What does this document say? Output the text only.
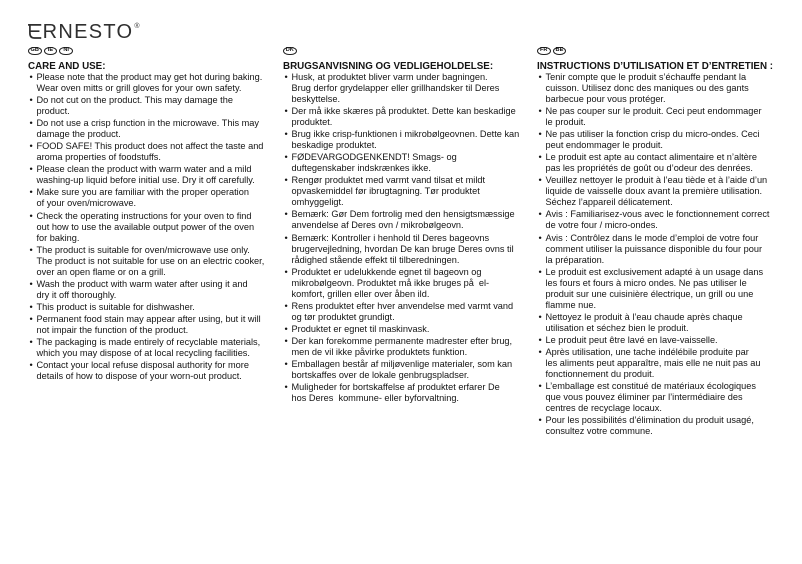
ERNESTO®
GB	IE	NI
CARE AND USE:
• Please note that the product may get hot during baking.
Wear oven mitts or grill gloves for your own safety.
• Do not cut on the product. This may damage the
product.
• Do not use a crisp function in the microwave. This may
damage the product.
• FOOD SAFE! This product does not affect the taste and
aroma properties of foodstuffs.
• Please clean the product with warm water and a mild
washing-up liquid before initial use. Dry it off carefully.
• Make sure you are familiar with the proper operation
of your oven/microwave.
• Check the operating instructions for your oven to find
out how to use the available output power of the oven
for baking.
• The product is suitable for oven/microwave use only.
The product is not suitable for use on an electric cooker,
over an open flame or on a grill.
• Wash the product with warm water after using it and
dry it off thoroughly.
• This product is suitable for dishwasher.
• Permanent food stain may appear after using, but it will
not impair the function of the product.
• The packaging is made entirely of recyclable materials,
which you may dispose of at local recycling facilities.
• Contact your local refuse disposal authority for more
details of how to dispose of your worn-out product.
DK
BRUGSANVISNING OG VEDLIGEHOLDELSE:
• Husk, at produktet bliver varm under bagningen.
Brug derfor grydelapper eller grillhandsker til Deres
beskyttelse.
• Der må ikke skæres på produktet. Dette kan beskadige
produktet.
• Brug ikke crisp-funktionen i mikrobølgeovnen. Dette kan
beskadige produktet.
• FØDEVARGODGENKENDT! Smags- og
duftegenskaber indskrænkes ikke.
• Rengør produktet med varmt vand tilsat et mildt
opvaskemiddel før ibrugtagning. Tør produktet
omhyggeligt.
• Bemærk: Gør Dem fortrolig med den hensigtsmæssige
anvendelse af Deres ovn / mikrobølgeovn.
• Bemærk: Kontroller i henhold til Deres bageovns
brugervejledning, hvordan De kan bruge Deres ovns til
rådighed stående effekt til tilberedningen.
• Produktet er udelukkende egnet til bageovn og
mikrobølgeovn. Produktet må ikke bruges på  el-
komfort, grillen eller over åben ild.
• Rens produktet efter hver anvendelse med varmt vand
og tør produktet grundigt.
• Produktet er egnet til maskinvask.
• Der kan forekomme permanente madrester efter brug,
men de vil ikke påvirke produktets funktion.
• Emballagen består af miljøvenlige materialer, som kan
bortskaffes over de lokale genbrugspladser.
• Muligheder for bortskaffelse af produktet erfarer De
hos Deres  kommune- eller byforvaltning.
FR	BE
INSTRUCTIONS D’UTILISATION ET D’ENTRETIEN :
• Tenir compte que le produit s’échauffe pendant la
cuisson. Utilisez donc des maniques ou des gants
barbecue pour vous protéger.
• Ne pas couper sur le produit. Ceci peut endommager
le produit.
• Ne pas utiliser la fonction crisp du micro-ondes. Ceci
peut endommager le produit.
• Le produit est apte au contact alimentaire et n’altère
pas les propriétés de goût ou d’odeur des denrées.
• Veuillez nettoyer le produit à l’eau tiède et à l’aide d’un
liquide de vaisselle doux avant la première utilisation.
Séchez l’appareil délicatement.
• Avis : Familiarisez-vous avec le fonctionnement correct
de votre four / micro-ondes.
• Avis : Contrôlez dans le mode d’emploi de votre four
comment utiliser la puissance disponible du four pour
la préparation.
• Le produit est exclusivement adapté à un usage dans
les fours et fours à micro ondes. Ne pas utiliser le
produit sur une cuisinière électrique, un grill ou une
flamme nue.
• Nettoyez le produit à l’eau chaude après chaque
utilisation et séchez bien le produit.
• Le produit peut être lavé en lave-vaisselle.
• Après utilisation, une tache indélébile produite par
les aliments peut apparaître, mais elle ne nuit pas au
fonctionnement du produit.
• L’emballage est constitué de matériaux écologiques
que vous pouvez éliminer par l’intermédiaire des
centres de recyclage locaux.
• Pour les possibilités d’élimination du produit usagé,
consultez votre commune.
